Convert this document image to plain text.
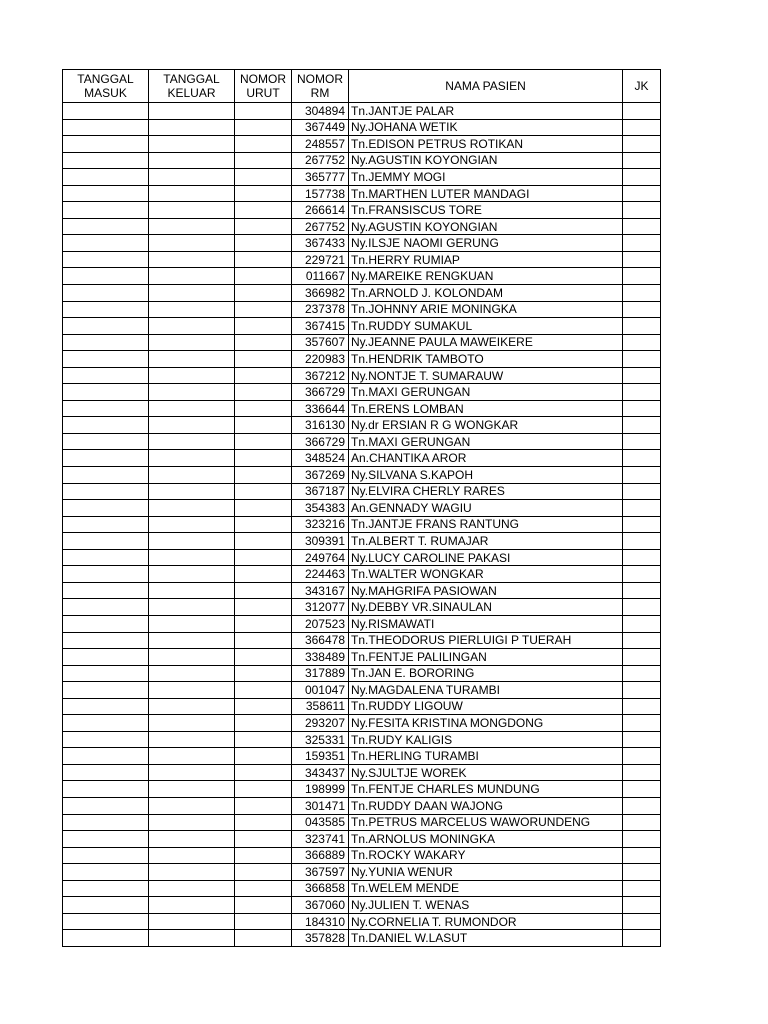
TANGGAL MASUK	TANGGAL KELUAR	NOMOR URUT	NOMOR RM	NAMA PASIEN	JK
			304894	Tn.JANTJE PALAR	
			367449	Ny.JOHANA WETIK	
			248557	Tn.EDISON PETRUS ROTIKAN	
			267752	Ny.AGUSTIN KOYONGIAN	
			365777	Tn.JEMMY MOGI	
			157738	Tn.MARTHEN LUTER MANDAGI	
			266614	Tn.FRANSISCUS TORE	
			267752	Ny.AGUSTIN KOYONGIAN	
			367433	Ny.ILSJE NAOMI GERUNG	
			229721	Tn.HERRY RUMIAP	
			011667	Ny.MAREIKE RENGKUAN	
			366982	Tn.ARNOLD J. KOLONDAM	
			237378	Tn.JOHNNY ARIE MONINGKA	
			367415	Tn.RUDDY SUMAKUL	
			357607	Ny.JEANNE PAULA MAWEIKERE	
			220983	Tn.HENDRIK TAMBOTO	
			367212	Ny.NONTJE T. SUMARAUW	
			366729	Tn.MAXI GERUNGAN	
			336644	Tn.ERENS LOMBAN	
			316130	Ny.dr ERSIAN R G WONGKAR	
			366729	Tn.MAXI GERUNGAN	
			348524	An.CHANTIKA AROR	
			367269	Ny.SILVANA S.KAPOH	
			367187	Ny.ELVIRA CHERLY RARES	
			354383	An.GENNADY WAGIU	
			323216	Tn.JANTJE FRANS RANTUNG	
			309391	Tn.ALBERT T. RUMAJAR	
			249764	Ny.LUCY CAROLINE PAKASI	
			224463	Tn.WALTER WONGKAR	
			343167	Ny.MAHGRIFA PASIOWAN	
			312077	Ny.DEBBY VR.SINAULAN	
			207523	Ny.RISMAWATI	
			366478	Tn.THEODORUS PIERLUIGI P TUERAH	
			338489	Tn.FENTJE PALILINGAN	
			317889	Tn.JAN E. BORORING	
			001047	Ny.MAGDALENA TURAMBI	
			358611	Tn.RUDDY LIGOUW	
			293207	Ny.FESITA KRISTINA MONGDONG	
			325331	Tn.RUDY KALIGIS	
			159351	Tn.HERLING TURAMBI	
			343437	Ny.SJULTJE WOREK	
			198999	Tn.FENTJE CHARLES MUNDUNG	
			301471	Tn.RUDDY DAAN WAJONG	
			043585	Tn.PETRUS MARCELUS WAWORUNDENG	
			323741	Tn.ARNOLUS MONINGKA	
			366889	Tn.ROCKY WAKARY	
			367597	Ny.YUNIA WENUR	
			366858	Tn.WELEM MENDE	
			367060	Ny.JULIEN T. WENAS	
			184310	Ny.CORNELIA T. RUMONDOR	
			357828	Tn.DANIEL W.LASUT	
